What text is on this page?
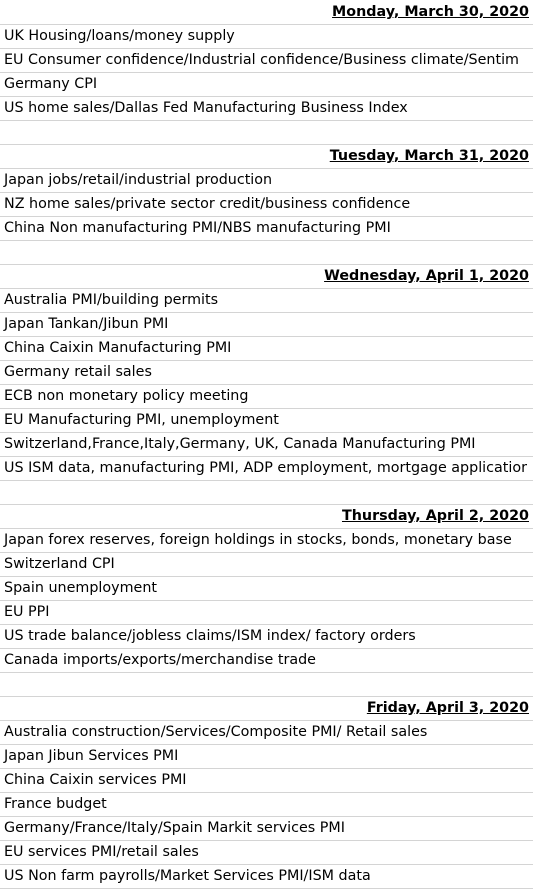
Monday, March 30, 2020
UK Housing/loans/money supply
EU Consumer confidence/Industrial confidence/Business climate/Sentim
Germany CPI
US home sales/Dallas Fed Manufacturing Business Index
Tuesday, March 31, 2020
Japan jobs/retail/industrial production
NZ home sales/private sector credit/business confidence
China Non manufacturing PMI/NBS manufacturing PMI
Wednesday, April 1, 2020
Australia PMI/building permits
Japan Tankan/Jibun PMI
China Caixin Manufacturing PMI
Germany retail sales
ECB non monetary policy meeting
EU Manufacturing PMI, unemployment
Switzerland,France,Italy,Germany, UK, Canada Manufacturing PMI
US ISM data, manufacturing PMI, ADP employment, mortgage applicatior
Thursday, April 2, 2020
Japan forex reserves, foreign holdings in stocks, bonds, monetary base
Switzerland CPI
Spain unemployment
EU PPI
US trade balance/jobless claims/ISM index/ factory orders
Canada imports/exports/merchandise trade
Friday, April 3, 2020
Australia construction/Services/Composite PMI/ Retail sales
Japan Jibun Services PMI
China Caixin services PMI
France budget
Germany/France/Italy/Spain Markit services PMI
EU services PMI/retail sales
US Non farm payrolls/Market Services PMI/ISM data
